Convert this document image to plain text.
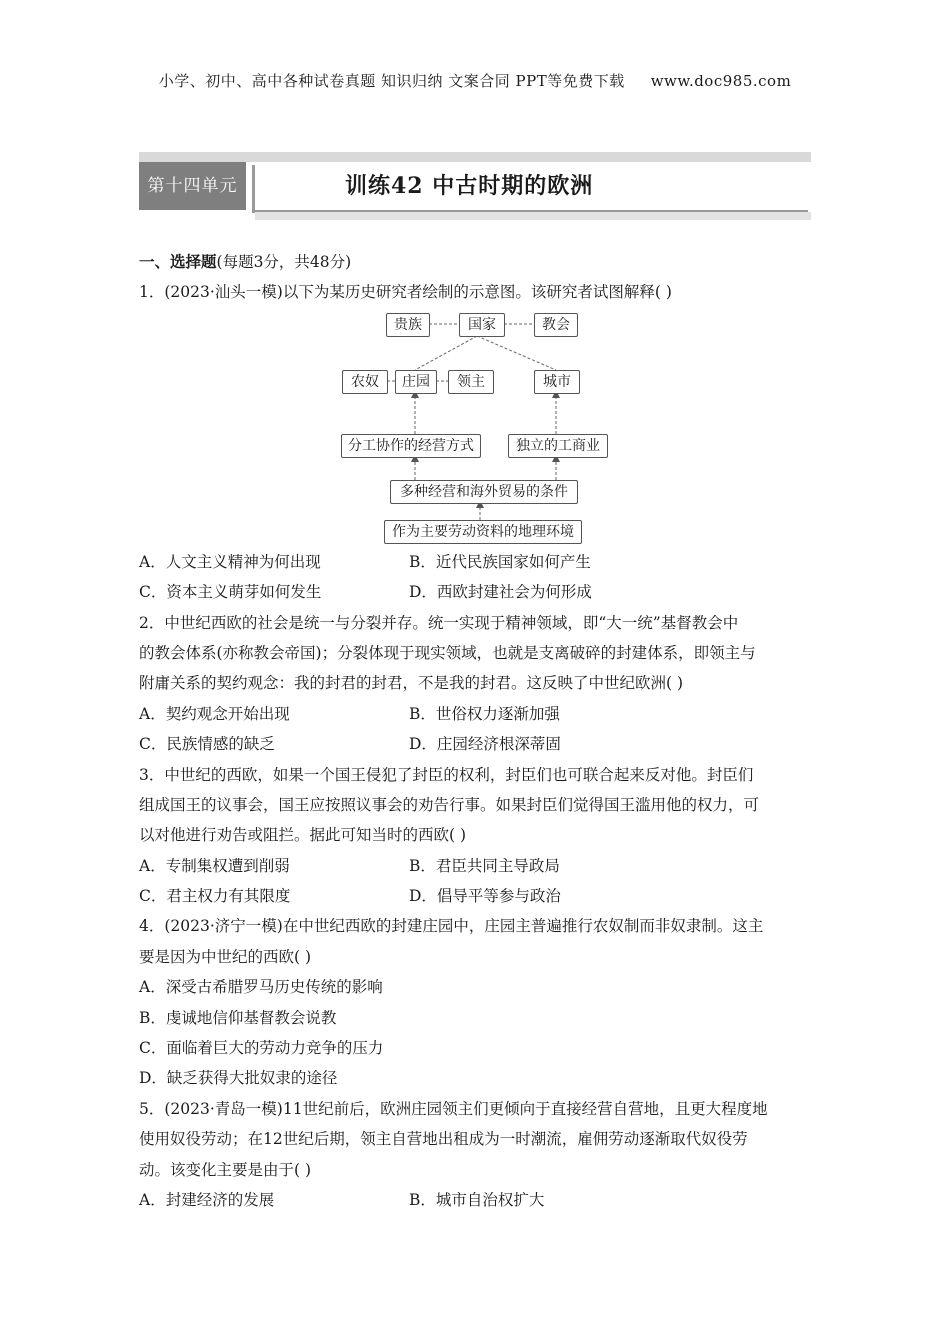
小学、初中、高中各种试卷真题 知识归纳 文案合同 PPT等免费下载 www.doc985.com
第十四单元	训练42 中古时期的欧洲
一、选择题(每题3分，共48分)
1．(2023·汕头一模)以下为某历史研究者绘制的示意图。该研究者试图解释( )
贵族	国家	教会
农奴	庄园	领主	城市
分工协作的经营方式	独立的工商业
多种经营和海外贸易的条件
作为主要劳动资料的地理环境
A．人文主义精神为何出现	B．近代民族国家如何产生
C．资本主义萌芽如何发生	D．西欧封建社会为何形成
2．中世纪西欧的社会是统一与分裂并存。统一实现于精神领域，即“大一统”基督教会中
的教会体系(亦称教会帝国)；分裂体现于现实领域，也就是支离破碎的封建体系，即领主与
附庸关系的契约观念：我的封君的封君，不是我的封君。这反映了中世纪欧洲( )
A．契约观念开始出现	B．世俗权力逐渐加强
C．民族情感的缺乏	D．庄园经济根深蒂固
3．中世纪的西欧，如果一个国王侵犯了封臣的权利，封臣们也可联合起来反对他。封臣们
组成国王的议事会，国王应按照议事会的劝告行事。如果封臣们觉得国王滥用他的权力，可
以对他进行劝告或阻拦。据此可知当时的西欧( )
A．专制集权遭到削弱	B．君臣共同主导政局
C．君主权力有其限度	D．倡导平等参与政治
4．(2023·济宁一模)在中世纪西欧的封建庄园中，庄园主普遍推行农奴制而非奴隶制。这主
要是因为中世纪的西欧( )
A．深受古希腊罗马历史传统的影响
B．虔诚地信仰基督教会说教
C．面临着巨大的劳动力竞争的压力
D．缺乏获得大批奴隶的途径
5．(2023·青岛一模)11世纪前后，欧洲庄园领主们更倾向于直接经营自营地，且更大程度地
使用奴役劳动；在12世纪后期，领主自营地出租成为一时潮流，雇佣劳动逐渐取代奴役劳
动。该变化主要是由于( )
A．封建经济的发展	B．城市自治权扩大
